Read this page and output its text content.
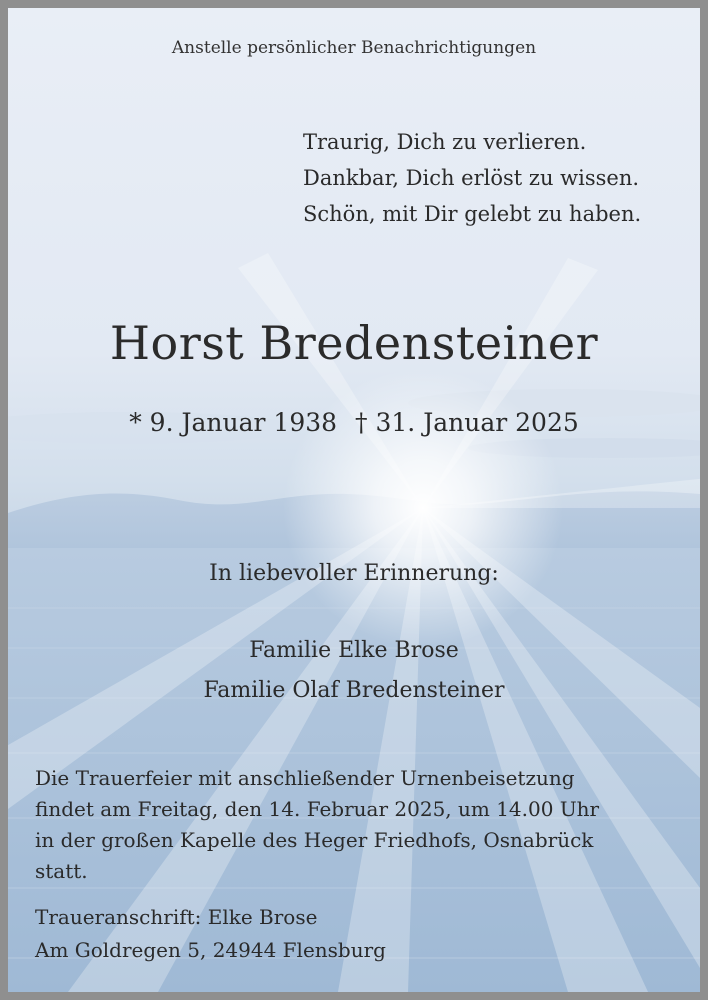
Anstelle persönlicher Benachrichtigungen
Traurig, Dich zu verlieren.
Dankbar, Dich erlöst zu wissen.
Schön, mit Dir gelebt zu haben.
Horst Bredensteiner
* 9. Januar 1938 † 31. Januar 2025
In liebevoller Erinnerung:
Familie Elke Brose
Familie Olaf Bredensteiner
Die Trauerfeier mit anschließender Urnenbeisetzung
findet am Freitag, den 14. Februar 2025, um 14.00 Uhr
in der großen Kapelle des Heger Friedhofs, Osnabrück
statt.
Traueranschrift: Elke Brose
Am Goldregen 5, 24944 Flensburg
